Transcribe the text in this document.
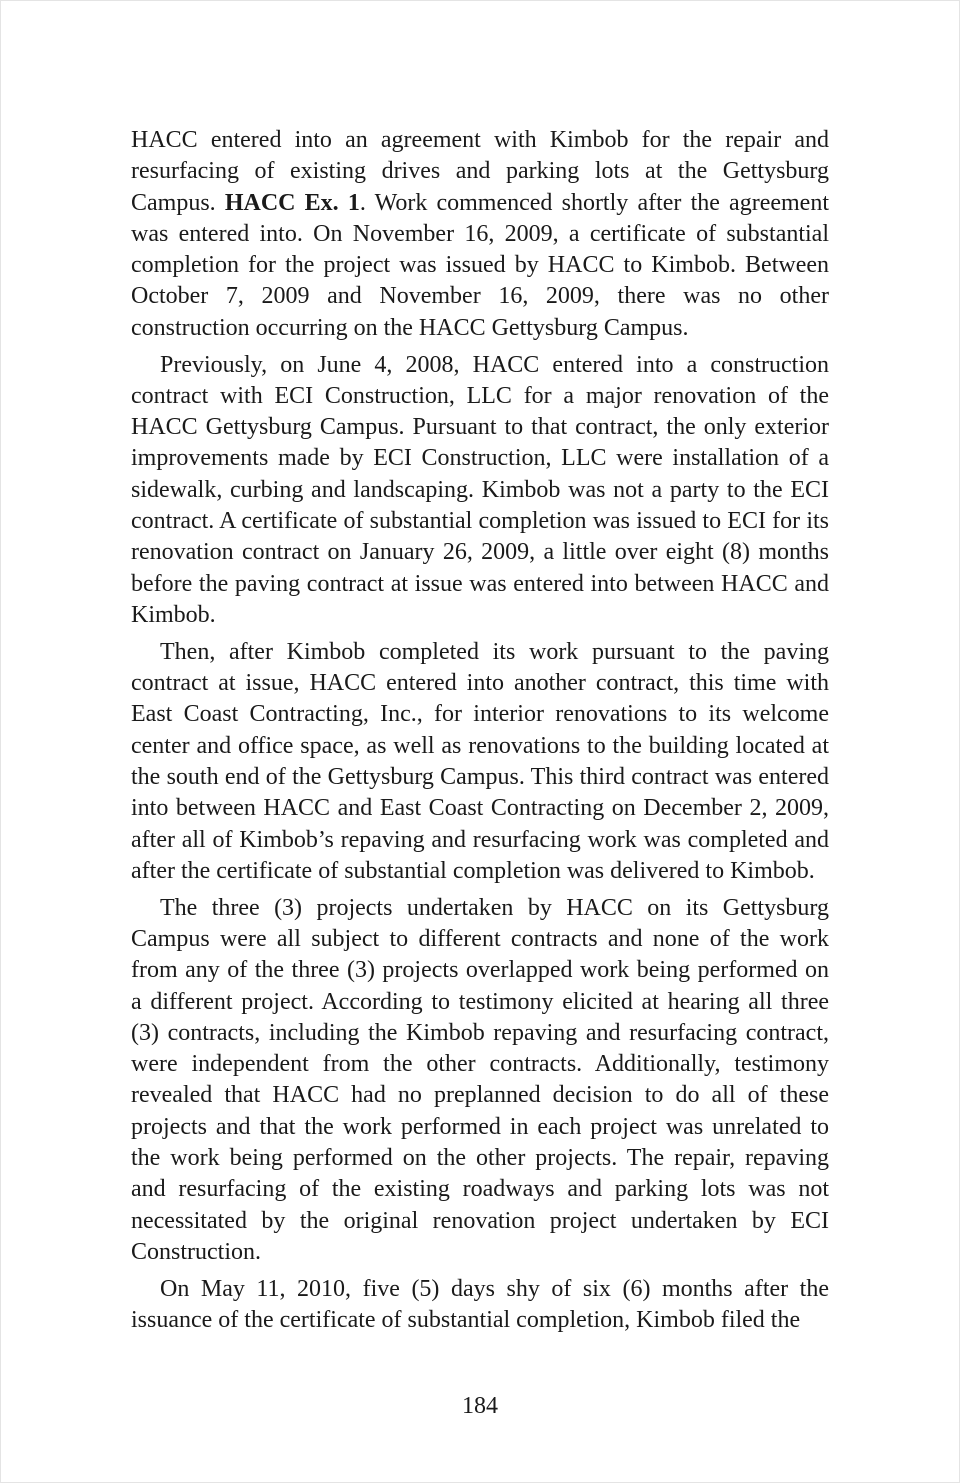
HACC entered into an agreement with Kimbob for the repair and resurfacing of existing drives and parking lots at the Gettysburg Campus. HACC Ex. 1. Work commenced shortly after the agreement was entered into. On November 16, 2009, a certificate of substantial completion for the project was issued by HACC to Kimbob. Between October 7, 2009 and November 16, 2009, there was no other construction occurring on the HACC Gettysburg Campus.

Previously, on June 4, 2008, HACC entered into a construction contract with ECI Construction, LLC for a major renovation of the HACC Gettysburg Campus. Pursuant to that contract, the only exterior improvements made by ECI Construction, LLC were installation of a sidewalk, curbing and landscaping. Kimbob was not a party to the ECI contract. A certificate of substantial completion was issued to ECI for its renovation contract on January 26, 2009, a little over eight (8) months before the paving contract at issue was entered into between HACC and Kimbob.

Then, after Kimbob completed its work pursuant to the paving contract at issue, HACC entered into another contract, this time with East Coast Contracting, Inc., for interior renovations to its welcome center and office space, as well as renovations to the building located at the south end of the Gettysburg Campus. This third contract was entered into between HACC and East Coast Contracting on December 2, 2009, after all of Kimbob’s repaving and resurfacing work was completed and after the certificate of substantial completion was delivered to Kimbob.

The three (3) projects undertaken by HACC on its Gettysburg Campus were all subject to different contracts and none of the work from any of the three (3) projects overlapped work being performed on a different project. According to testimony elicited at hearing all three (3) contracts, including the Kimbob repaving and resurfacing contract, were independent from the other contracts. Additionally, testimony revealed that HACC had no preplanned decision to do all of these projects and that the work performed in each project was unrelated to the work being performed on the other projects. The repair, repaving and resurfacing of the existing roadways and parking lots was not necessitated by the original renovation project undertaken by ECI Construction.

On May 11, 2010, five (5) days shy of six (6) months after the issuance of the certificate of substantial completion, Kimbob filed the

184
